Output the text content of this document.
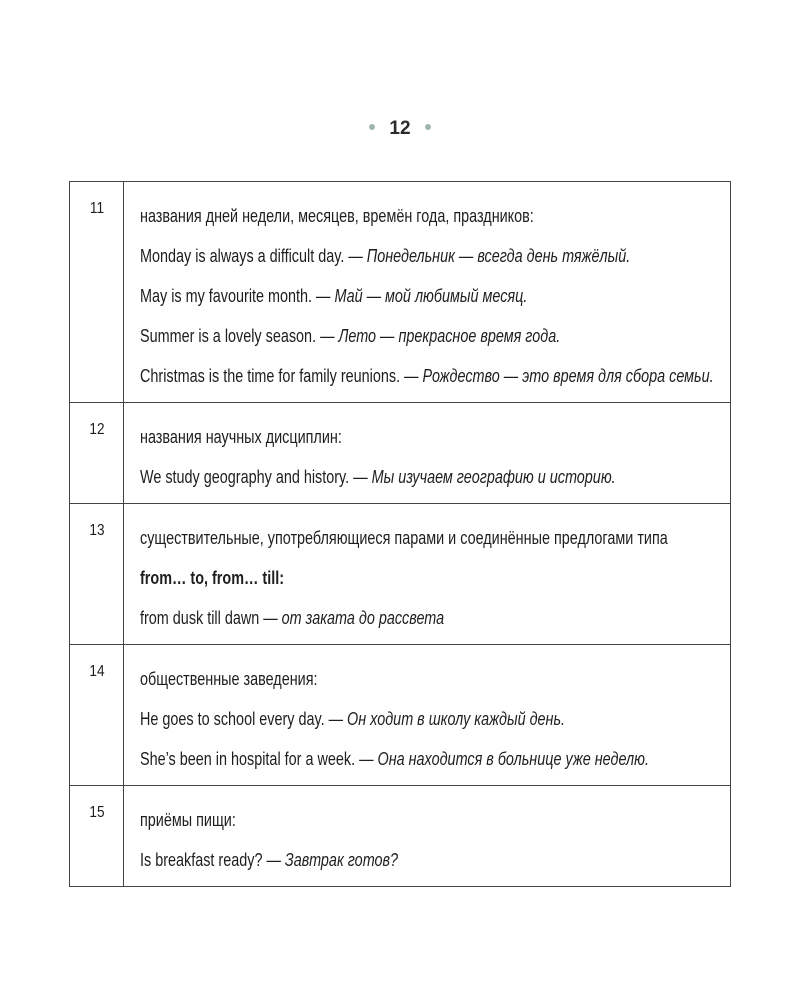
12
11	названия дней недели, месяцев, времён года, праздников:
Monday is always a difficult day. — Понедельник — всегда день тяжёлый.
May is my favourite month. — Май — мой любимый месяц.
Summer is a lovely season. — Лето — прекрасное время года.
Christmas is the time for family reunions. — Рождество — это время для сбора семьи.

12	названия научных дисциплин:
We study geography and history. — Мы изучаем географию и историю.

13	существительные, употребляющиеся парами и соединённые предлогами типа
from… to, from… till:
from dusk till dawn — от заката до рассвета

14	общественные заведения:
He goes to school every day. — Он ходит в школу каждый день.
She’s been in hospital for a week. — Она находится в больнице уже неделю.

15	приёмы пищи:
Is breakfast ready? — Завтрак готов?
